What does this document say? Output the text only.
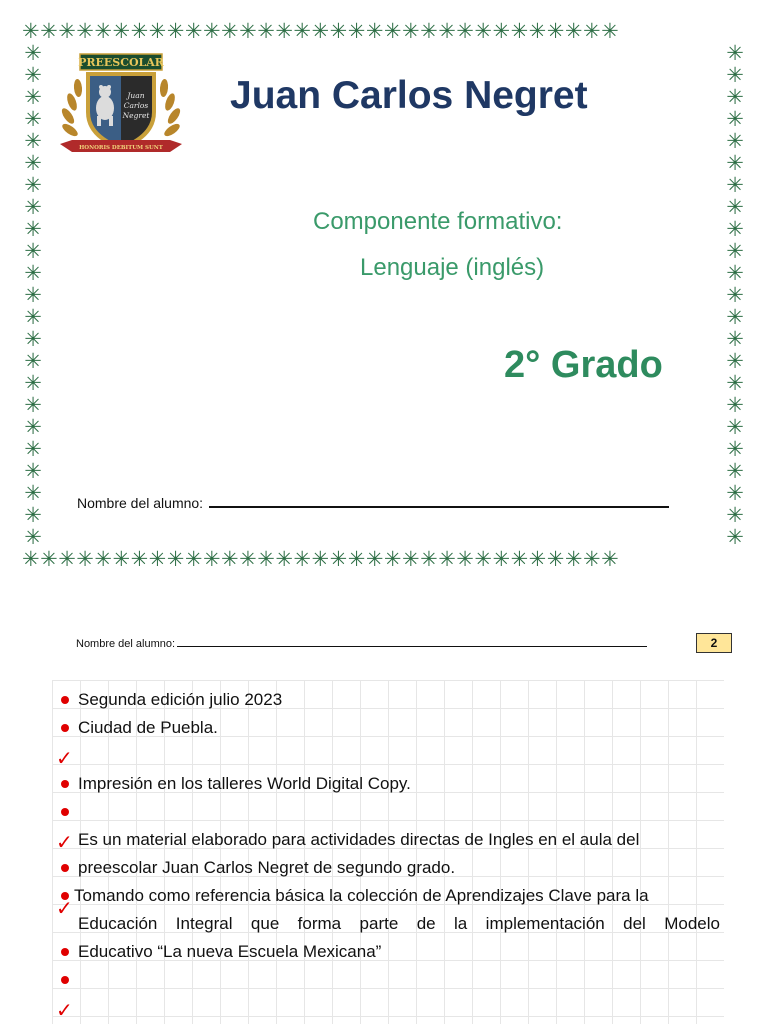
✳✳✳✳✳✳✳✳✳✳✳✳✳✳✳✳✳✳✳✳✳✳✳✳✳✳✳✳✳✳✳✳✳
✳✳✳✳✳✳✳✳✳✳✳✳✳✳✳✳✳✳✳✳✳✳✳✳✳✳✳✳✳✳✳✳✳
✳
✳
✳
✳
✳
✳
✳
✳
✳
✳
✳
✳
✳
✳
✳
✳
✳
✳
✳
✳
✳
✳
✳
✳
✳
✳
✳
✳
✳
✳
✳
✳
✳
✳
✳
✳
✳
✳
✳
✳
✳
✳
✳
✳
✳
✳
PREESCOLAR
Juan
Carlos
Negret
HONORIS DEBITUM SUNT
Juan Carlos Negret
Componente formativo:
Lenguaje (inglés)
2° Grado
Nombre del alumno:
Nombre del alumno:	2
Segunda edición julio 2023
Ciudad de Puebla.
✓
Impresión en los talleres World Digital Copy.
✓ Es un material elaborado para actividades directas de Ingles en el aula del
preescolar Juan Carlos Negret de segundo grado.
Tomando como referencia básica la colección de Aprendizajes Clave para la
✓
Educación Integral que forma parte de la implementación del Modelo
Educativo “La nueva Escuela Mexicana”
✓
